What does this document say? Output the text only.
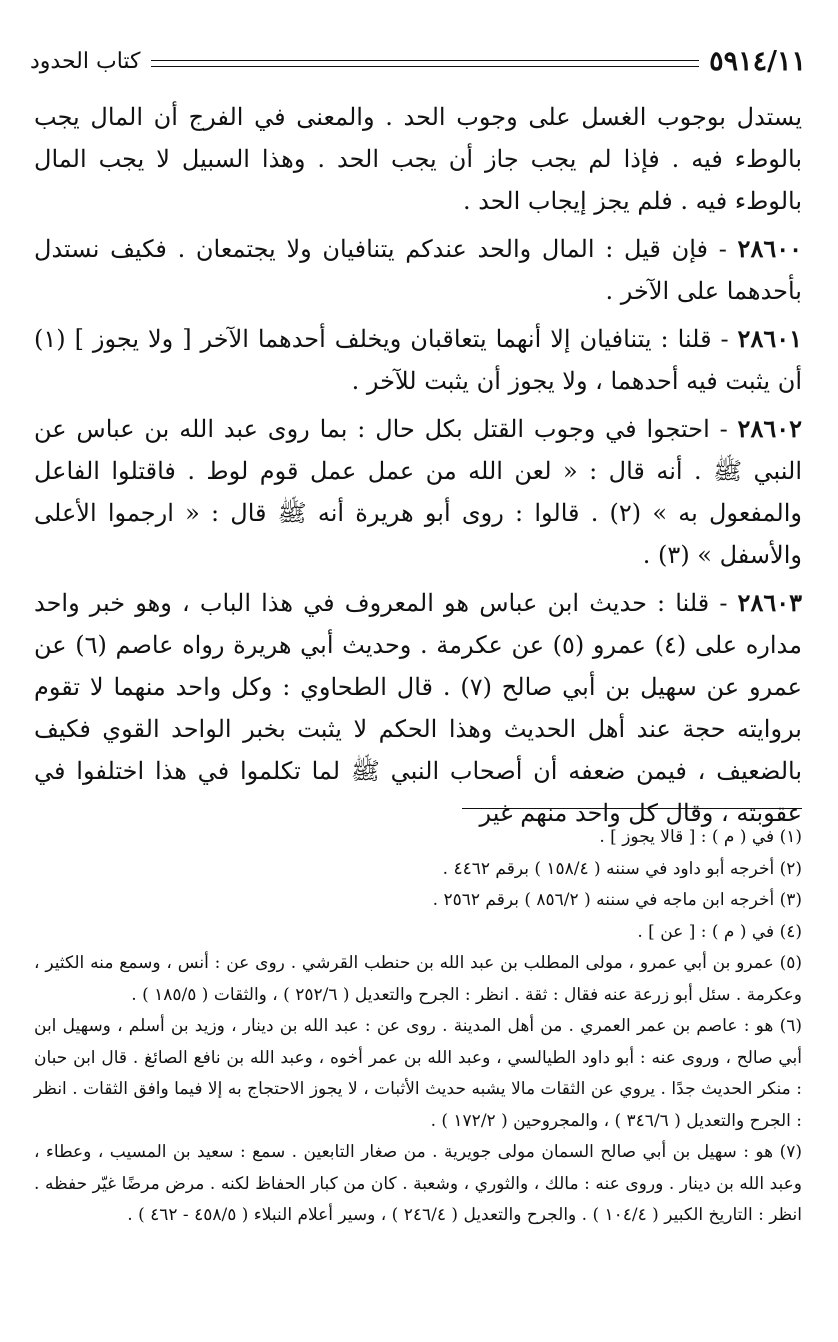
٥٩١٤/١١
كتاب الحدود

يستدل بوجوب الغسل على وجوب الحد . والمعنى في الفرج أن المال يجب بالوطء فيه . فإذا لم يجب جاز أن يجب الحد . وهذا السبيل لا يجب المال بالوطء فيه . فلم يجز إيجاب الحد .

٢٨٦٠٠ - فإن قيل : المال والحد عندكم يتنافيان ولا يجتمعان . فكيف نستدل بأحدهما على الآخر .

٢٨٦٠١ - قلنا : يتنافيان إلا أنهما يتعاقبان ويخلف أحدهما الآخر [ ولا يجوز ] (١) أن يثبت فيه أحدهما ، ولا يجوز أن يثبت للآخر .

٢٨٦٠٢ - احتجوا في وجوب القتل بكل حال : بما روى عبد الله بن عباس عن النبي ﷺ . أنه قال : « لعن الله من عمل عمل قوم لوط . فاقتلوا الفاعل والمفعول به » (٢) . قالوا : روى أبو هريرة أنه ﷺ قال : « ارجموا الأعلى والأسفل » (٣) .

٢٨٦٠٣ - قلنا : حديث ابن عباس هو المعروف في هذا الباب ، وهو خبر واحد مداره على (٤) عمرو (٥) عن عكرمة . وحديث أبي هريرة رواه عاصم (٦) عن عمرو عن سهيل بن أبي صالح (٧) . قال الطحاوي : وكل واحد منهما لا تقوم بروايته حجة عند أهل الحديث وهذا الحكم لا يثبت بخبر الواحد القوي فكيف بالضعيف ، فيمن ضعفه أن أصحاب النبي ﷺ لما تكلموا في هذا اختلفوا في عقوبته ، وقال كل واحد منهم غير

(١) في ( م ) : [ قالا يجوز ] .

(٢) أخرجه أبو داود في سننه ( ١٥٨/٤ ) برقم ٤٤٦٢ .

(٣) أخرجه ابن ماجه في سننه ( ٨٥٦/٢ ) برقم ٢٥٦٢ .

(٤) في ( م ) : [ عن ] .

(٥) عمرو بن أبي عمرو ، مولى المطلب بن عبد الله بن حنطب القرشي . روى عن : أنس ، وسمع منه الكثير ، وعكرمة . سئل أبو زرعة عنه فقال : ثقة . انظر : الجرح والتعديل ( ٢٥٢/٦ ) ، والثقات ( ١٨٥/٥ ) .

(٦) هو : عاصم بن عمر العمري . من أهل المدينة . روى عن : عبد الله بن دينار ، وزيد بن أسلم ، وسهيل ابن أبي صالح ، وروى عنه : أبو داود الطيالسي ، وعبد الله بن عمر أخوه ، وعبد الله بن نافع الصائغ . قال ابن حبان : منكر الحديث جدًا . يروي عن الثقات مالا يشبه حديث الأثبات ، لا يجوز الاحتجاج به إلا فيما وافق الثقات . انظر : الجرح والتعديل ( ٣٤٦/٦ ) ، والمجروحين ( ١٧٢/٢ ) .

(٧) هو : سهيل بن أبي صالح السمان مولى جويرية . من صغار التابعين . سمع : سعيد بن المسيب ، وعطاء ، وعبد الله بن دينار . وروى عنه : مالك ، والثوري ، وشعبة . كان من كبار الحفاظ لكنه . مرض مرضًا غيّر حفظه . انظر : التاريخ الكبير ( ١٠٤/٤ ) . والجرح والتعديل ( ٢٤٦/٤ ) ، وسير أعلام النبلاء ( ٤٥٨/٥ - ٤٦٢ ) .
